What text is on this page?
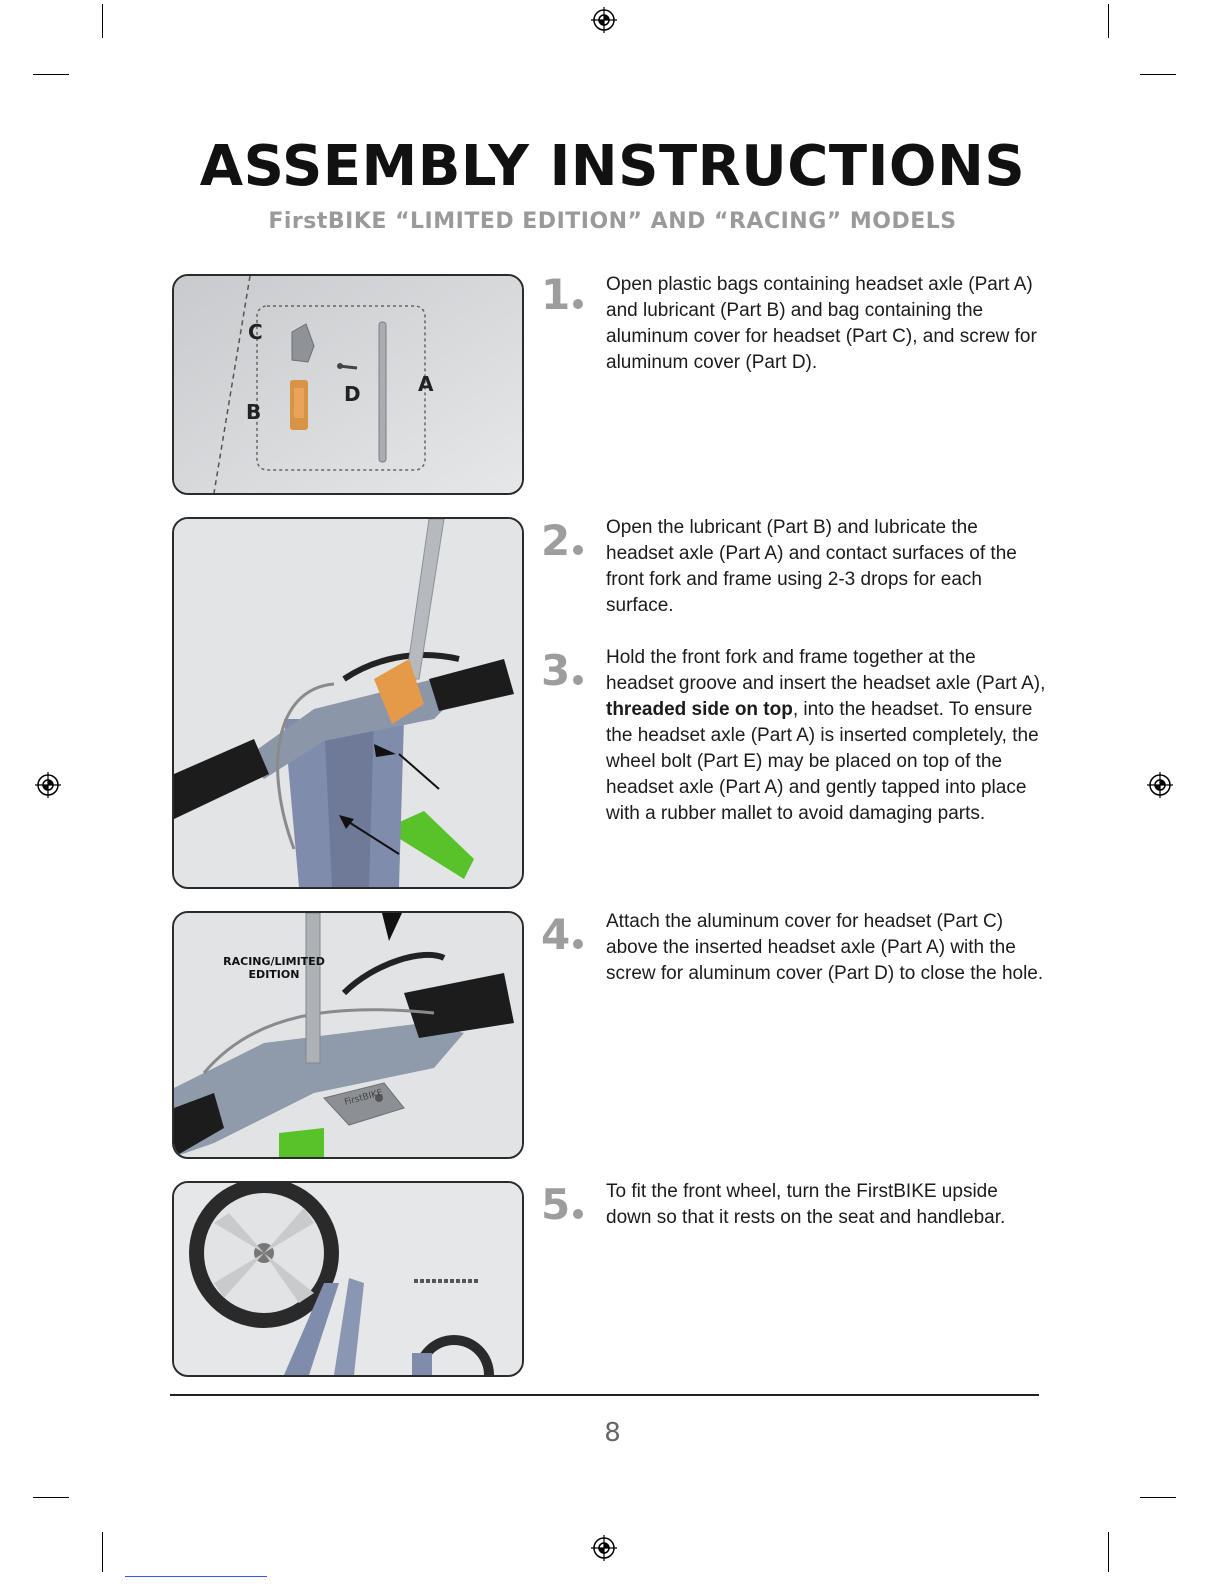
ASSEMBLY INSTRUCTIONS
FirstBIKE “LIMITED EDITION” AND “RACING” MODELS
C
B
D	A
RACING/LIMITED
EDITION
FirstBIKE
1
2
3
4
5
Open plastic bags containing headset axle (Part A) and lubricant (Part B) and bag containing the aluminum cover for headset (Part C), and screw for aluminum cover (Part D).
Open the lubricant (Part B) and lubricate the headset axle (Part A) and contact surfaces of the front fork and frame using 2-3 drops for each surface.
Hold the front fork and frame together at the headset groove and insert the headset axle (Part A), threaded side on top, into the headset. To ensure the headset axle (Part A) is inserted completely, the wheel bolt (Part E) may be placed on top of the headset axle (Part A) and gently tapped into place with a rubber mallet to avoid damaging parts.
Attach the aluminum cover for headset (Part C) above the inserted headset axle (Part A) with the screw for aluminum cover (Part D) to close the hole.
To fit the front wheel, turn the FirstBIKE upside down so that it rests on the seat and handlebar.
8
